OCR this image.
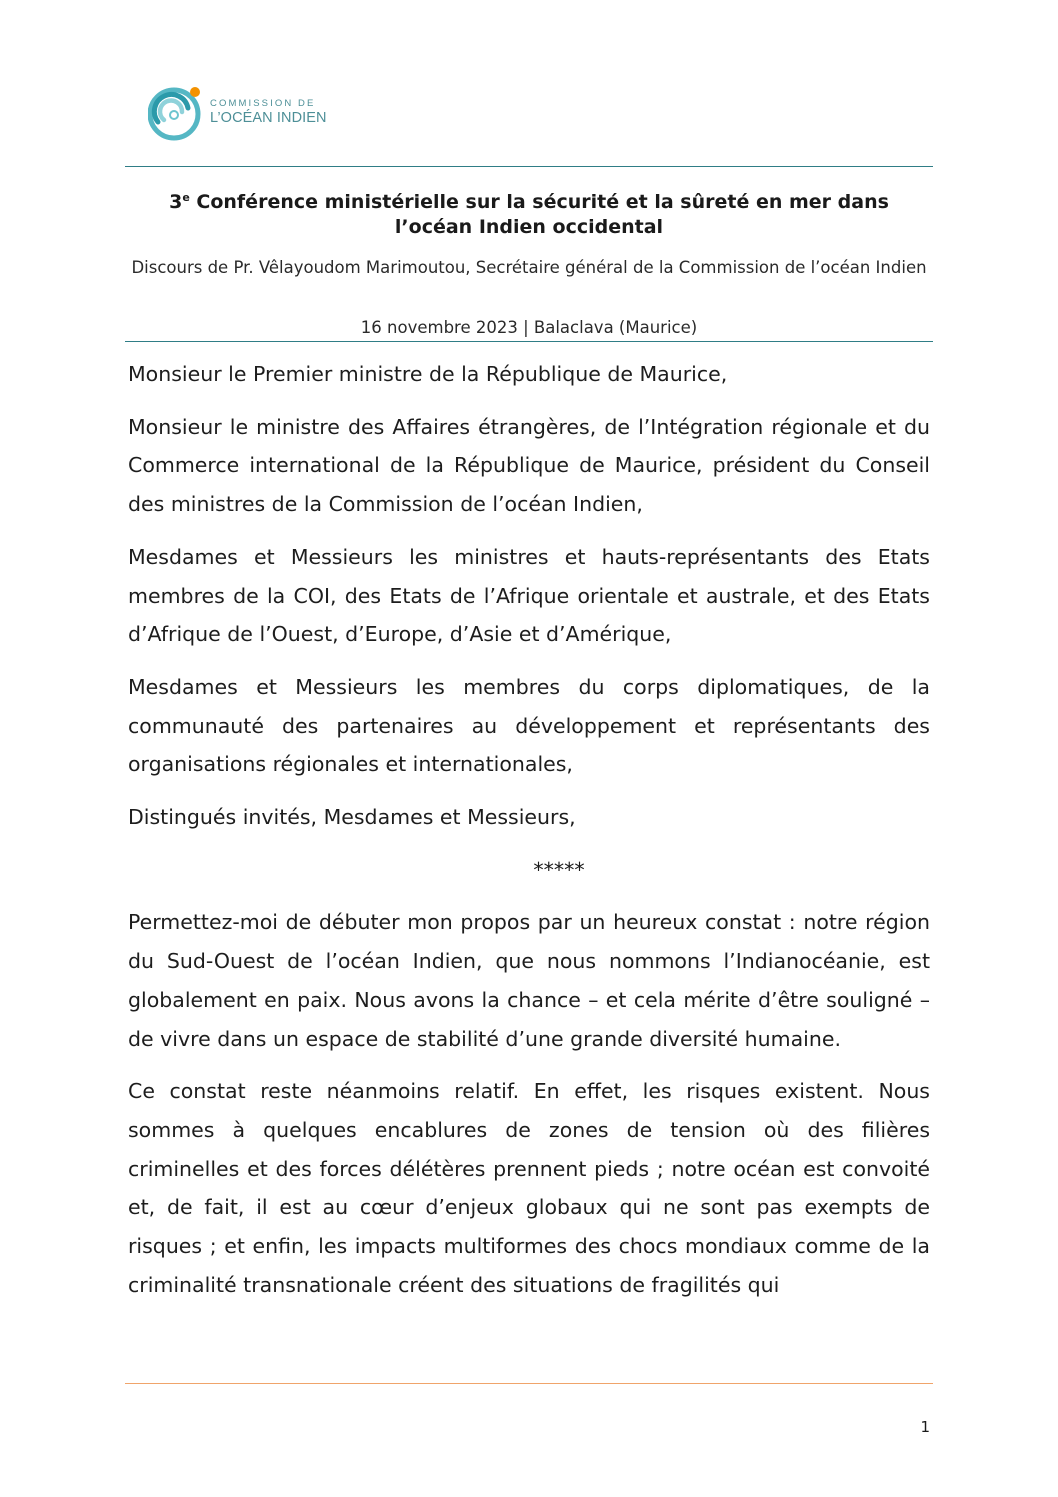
COMMISSION DE
L’OCÉAN INDIEN
3e Conférence ministérielle sur la sécurité et la sûreté en mer dans
l’océan Indien occidental
Discours de Pr. Vêlayoudom Marimoutou, Secrétaire général de la Commission de l’océan Indien
16 novembre 2023 | Balaclava (Maurice)

Monsieur le Premier ministre de la République de Maurice,

Monsieur le ministre des Affaires étrangères, de l’Intégration régionale et du Commerce international de la République de Maurice, président du Conseil des ministres de la Commission de l’océan Indien,

Mesdames et Messieurs les ministres et hauts-représentants des Etats membres de la COI, des Etats de l’Afrique orientale et australe, et des Etats d’Afrique de l’Ouest, d’Europe, d’Asie et d’Amérique,

Mesdames et Messieurs les membres du corps diplomatiques, de la communauté des partenaires au développement et représentants des organisations régionales et internationales,

Distingués invités, Mesdames et Messieurs,

*****

Permettez-moi de débuter mon propos par un heureux constat : notre région du Sud-Ouest de l’océan Indien, que nous nommons l’Indianocéanie, est globalement en paix. Nous avons la chance – et cela mérite d’être souligné – de vivre dans un espace de stabilité d’une grande diversité humaine.

Ce constat reste néanmoins relatif. En effet, les risques existent. Nous sommes à quelques encablures de zones de tension où des filières criminelles et des forces délétères prennent pieds ; notre océan est convoité et, de fait, il est au cœur d’enjeux globaux qui ne sont pas exempts de risques ; et enfin, les impacts multiformes des chocs mondiaux comme de la criminalité transnationale créent des situations de fragilités qui

1
